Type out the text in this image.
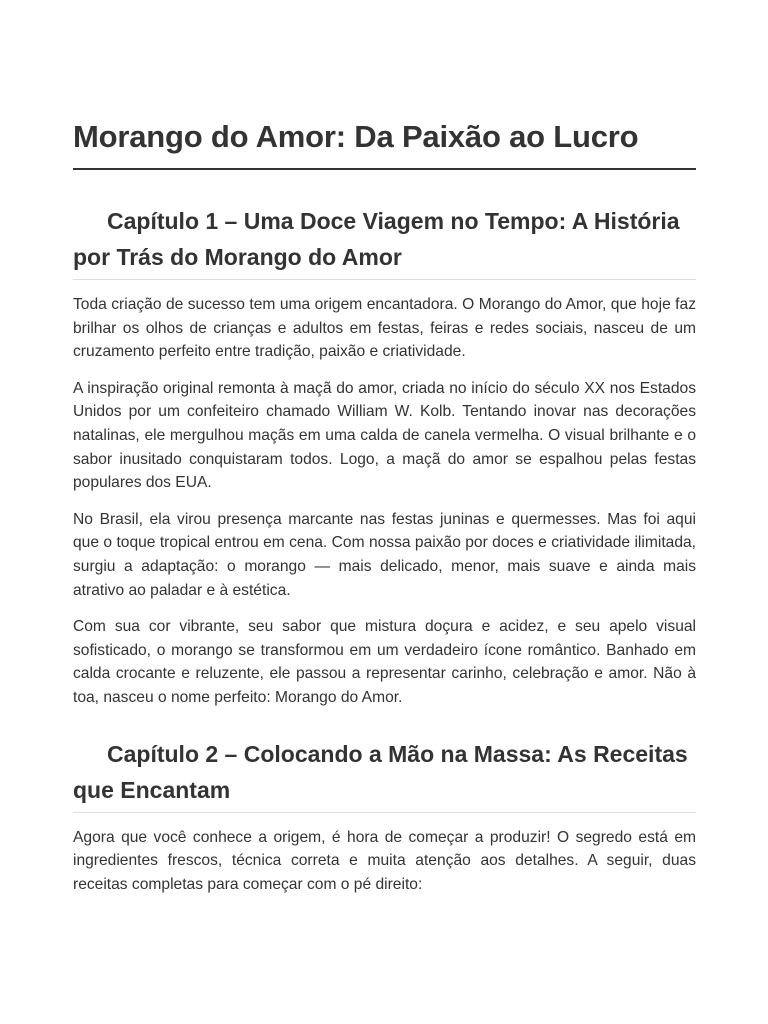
Morango do Amor: Da Paixão ao Lucro
Capítulo 1 – Uma Doce Viagem no Tempo: A História por Trás do Morango do Amor

Toda criação de sucesso tem uma origem encantadora. O Morango do Amor, que hoje faz brilhar os olhos de crianças e adultos em festas, feiras e redes sociais, nasceu de um cruzamento perfeito entre tradição, paixão e criatividade.

A inspiração original remonta à maçã do amor, criada no início do século XX nos Estados Unidos por um confeiteiro chamado William W. Kolb. Tentando inovar nas decorações natalinas, ele mergulhou maçãs em uma calda de canela vermelha. O visual brilhante e o sabor inusitado conquistaram todos. Logo, a maçã do amor se espalhou pelas festas populares dos EUA.

No Brasil, ela virou presença marcante nas festas juninas e quermesses. Mas foi aqui que o toque tropical entrou em cena. Com nossa paixão por doces e criatividade ilimitada, surgiu a adaptação: o morango — mais delicado, menor, mais suave e ainda mais atrativo ao paladar e à estética.

Com sua cor vibrante, seu sabor que mistura doçura e acidez, e seu apelo visual sofisticado, o morango se transformou em um verdadeiro ícone romântico. Banhado em calda crocante e reluzente, ele passou a representar carinho, celebração e amor. Não à toa, nasceu o nome perfeito: Morango do Amor.

Capítulo 2 – Colocando a Mão na Massa: As Receitas que Encantam

Agora que você conhece a origem, é hora de começar a produzir! O segredo está em ingredientes frescos, técnica correta e muita atenção aos detalhes. A seguir, duas receitas completas para começar com o pé direito:
